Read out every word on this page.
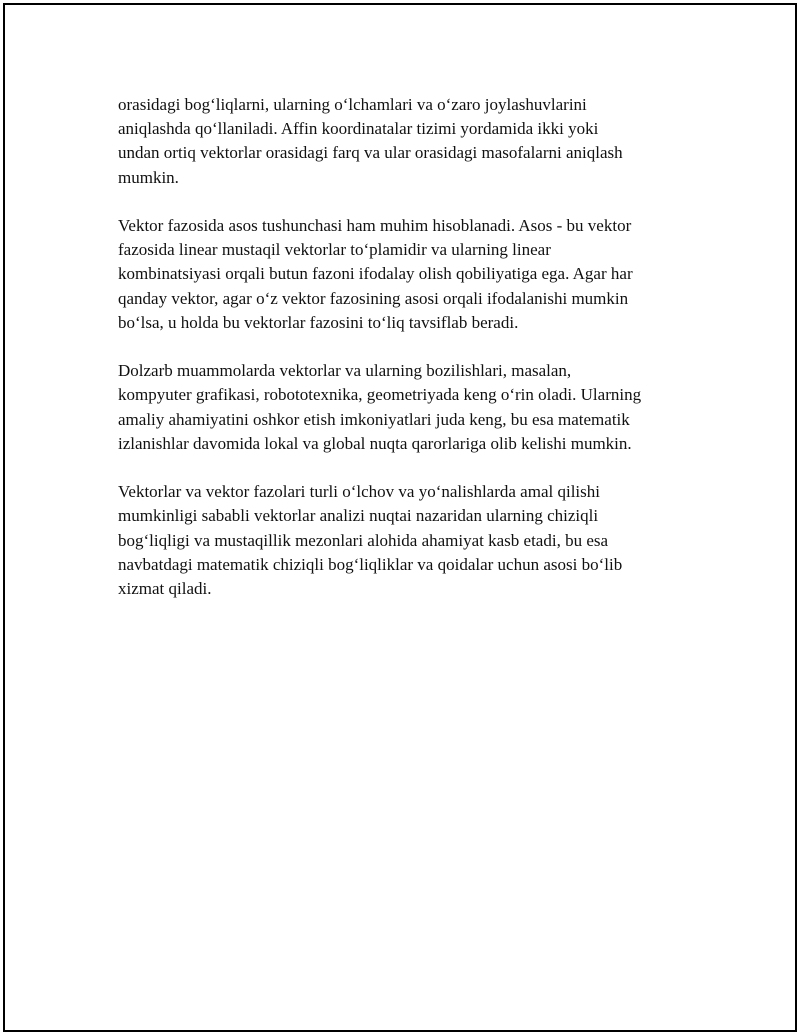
orasidagi bog‘liqlarni, ularning o‘lchamlari va o‘zaro joylashuvlarini
aniqlashda qo‘llaniladi. Affin koordinatalar tizimi yordamida ikki yoki
undan ortiq vektorlar orasidagi farq va ular orasidagi masofalarni aniqlash
mumkin.

Vektor fazosida asos tushunchasi ham muhim hisoblanadi. Asos - bu vektor
fazosida linear mustaqil vektorlar to‘plamidir va ularning linear
kombinatsiyasi orqali butun fazoni ifodalay olish qobiliyatiga ega. Agar har
qanday vektor, agar o‘z vektor fazosining asosi orqali ifodalanishi mumkin
bo‘lsa, u holda bu vektorlar fazosini to‘liq tavsiflab beradi.

Dolzarb muammolarda vektorlar va ularning bozilishlari, masalan,
kompyuter grafikasi, robototexnika, geometriyada keng o‘rin oladi. Ularning
amaliy ahamiyatini oshkor etish imkoniyatlari juda keng, bu esa matematik
izlanishlar davomida lokal va global nuqta qarorlariga olib kelishi mumkin.

Vektorlar va vektor fazolari turli o‘lchov va yo‘nalishlarda amal qilishi
mumkinligi sababli vektorlar analizi nuqtai nazaridan ularning chiziqli
bog‘liqligi va mustaqillik mezonlari alohida ahamiyat kasb etadi, bu esa
navbatdagi matematik chiziqli bog‘liqliklar va qoidalar uchun asosi bo‘lib
xizmat qiladi.
